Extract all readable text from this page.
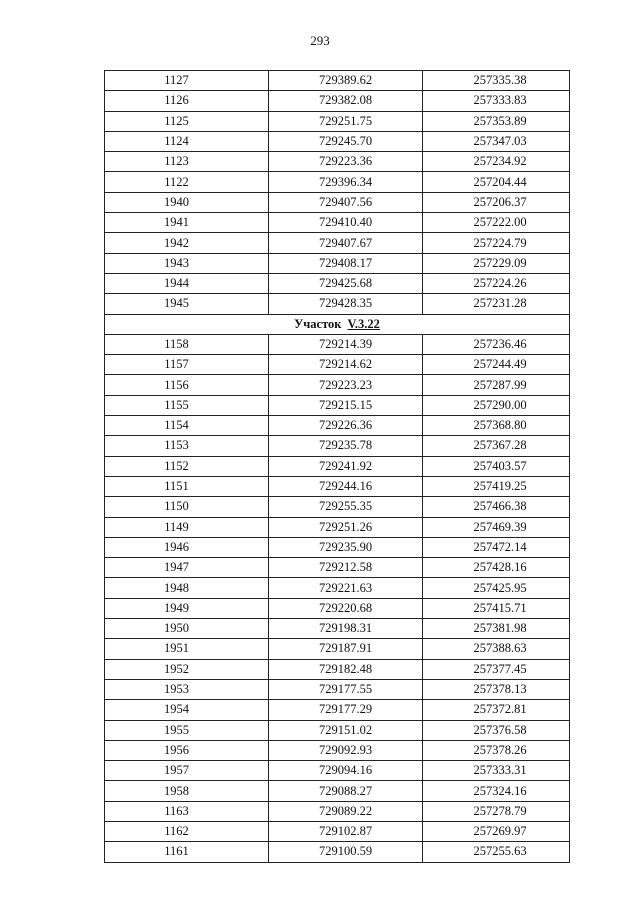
293
1127	729389.62	257335.38
1126	729382.08	257333.83
1125	729251.75	257353.89
1124	729245.70	257347.03
1123	729223.36	257234.92
1122	729396.34	257204.44
1940	729407.56	257206.37
1941	729410.40	257222.00
1942	729407.67	257224.79
1943	729408.17	257229.09
1944	729425.68	257224.26
1945	729428.35	257231.28
Участок V.3.22		
1158	729214.39	257236.46
1157	729214.62	257244.49
1156	729223.23	257287.99
1155	729215.15	257290.00
1154	729226.36	257368.80
1153	729235.78	257367.28
1152	729241.92	257403.57
1151	729244.16	257419.25
1150	729255.35	257466.38
1149	729251.26	257469.39
1946	729235.90	257472.14
1947	729212.58	257428.16
1948	729221.63	257425.95
1949	729220.68	257415.71
1950	729198.31	257381.98
1951	729187.91	257388.63
1952	729182.48	257377.45
1953	729177.55	257378.13
1954	729177.29	257372.81
1955	729151.02	257376.58
1956	729092.93	257378.26
1957	729094.16	257333.31
1958	729088.27	257324.16
1163	729089.22	257278.79
1162	729102.87	257269.97
1161	729100.59	257255.63
